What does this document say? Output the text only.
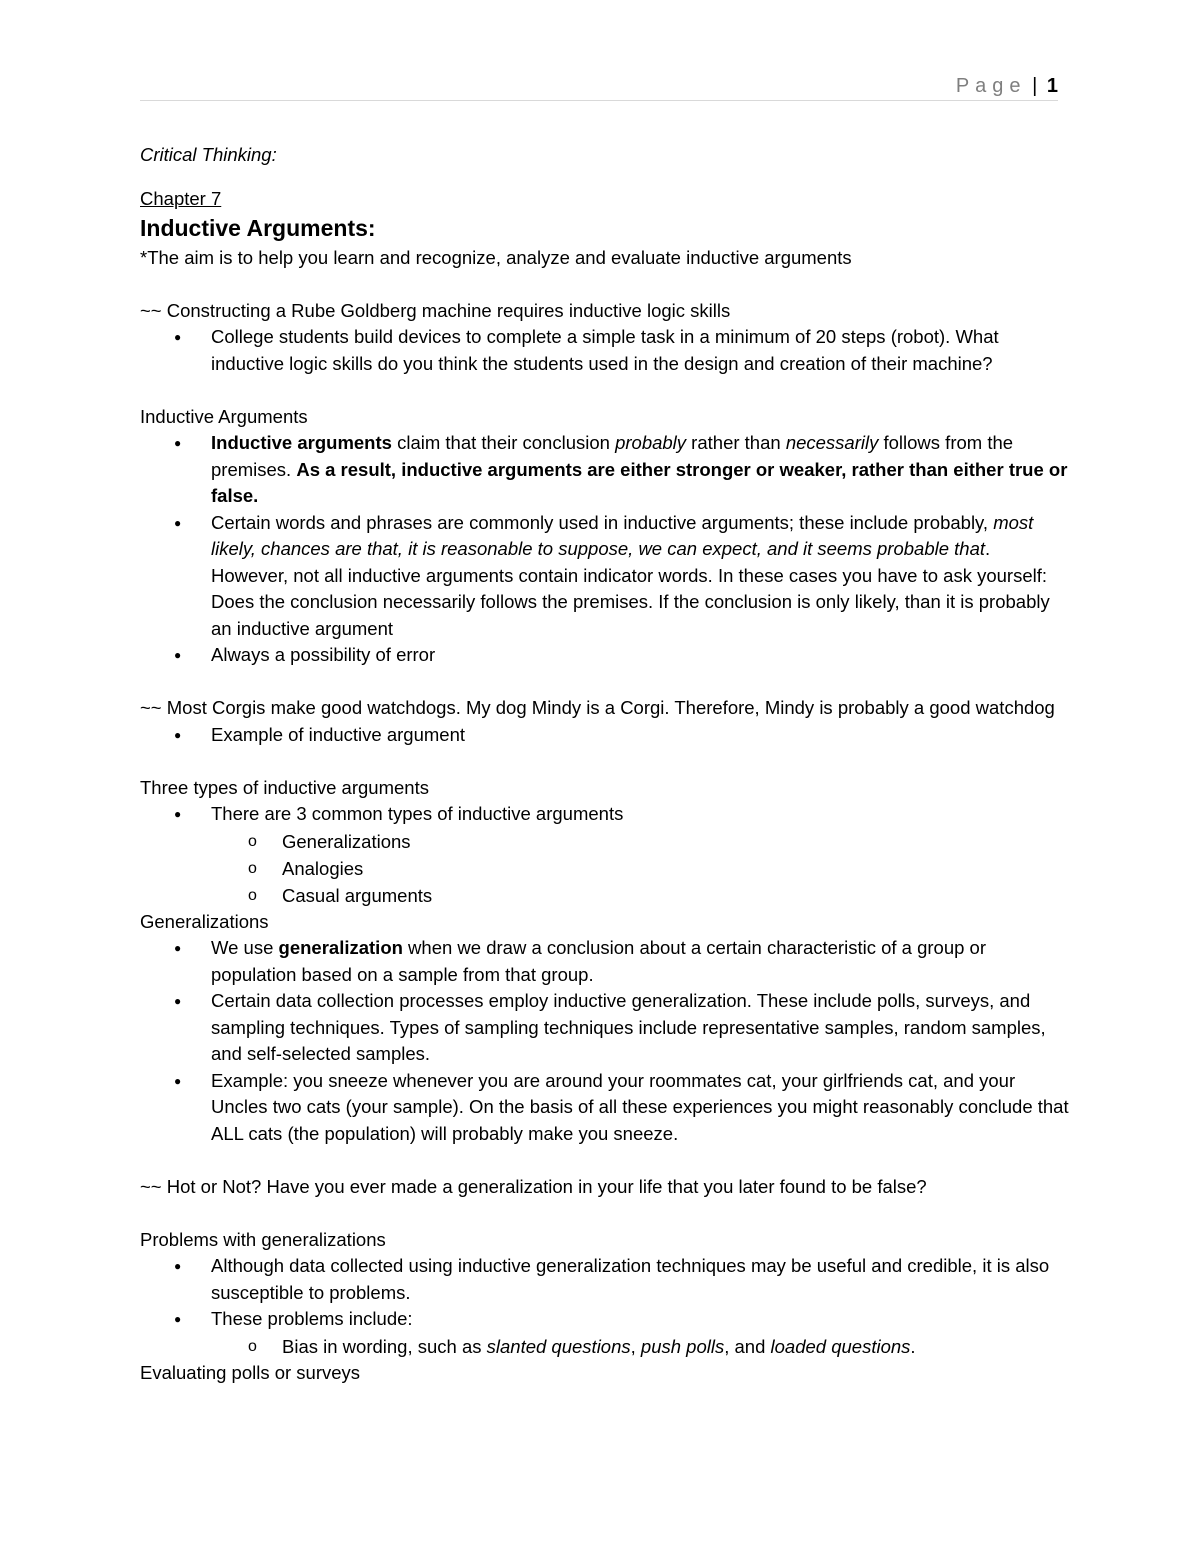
Page | 1

Critical Thinking:

Chapter 7

Inductive Arguments:

*The aim is to help you learn and recognize, analyze and evaluate inductive arguments

~~ Constructing a Rube Goldberg machine requires inductive logic skills

● College students build devices to complete a simple task in a minimum of 20 steps (robot). What inductive logic skills do you think the students used in the design and creation of their machine?

Inductive Arguments

● Inductive arguments claim that their conclusion probably rather than necessarily follows from the premises. As a result, inductive arguments are either stronger or weaker, rather than either true or false.
● Certain words and phrases are commonly used in inductive arguments; these include probably, most likely, chances are that, it is reasonable to suppose, we can expect, and it seems probable that. However, not all inductive arguments contain indicator words. In these cases you have to ask yourself: Does the conclusion necessarily follows the premises. If the conclusion is only likely, than it is probably an inductive argument
● Always a possibility of error

~~ Most Corgis make good watchdogs. My dog Mindy is a Corgi. Therefore, Mindy is probably a good watchdog

● Example of inductive argument

Three types of inductive arguments

● There are 3 common types of inductive arguments
o Generalizations
o Analogies
o Casual arguments

Generalizations

● We use generalization when we draw a conclusion about a certain characteristic of a group or population based on a sample from that group.
● Certain data collection processes employ inductive generalization. These include polls, surveys, and sampling techniques. Types of sampling techniques include representative samples, random samples, and self-selected samples.
● Example: you sneeze whenever you are around your roommates cat, your girlfriends cat, and your Uncles two cats (your sample). On the basis of all these experiences you might reasonably conclude that ALL cats (the population) will probably make you sneeze.

~~ Hot or Not? Have you ever made a generalization in your life that you later found to be false?

Problems with generalizations

● Although data collected using inductive generalization techniques may be useful and credible, it is also susceptible to problems.
● These problems include:
o Bias in wording, such as slanted questions, push polls, and loaded questions.

Evaluating polls or surveys
